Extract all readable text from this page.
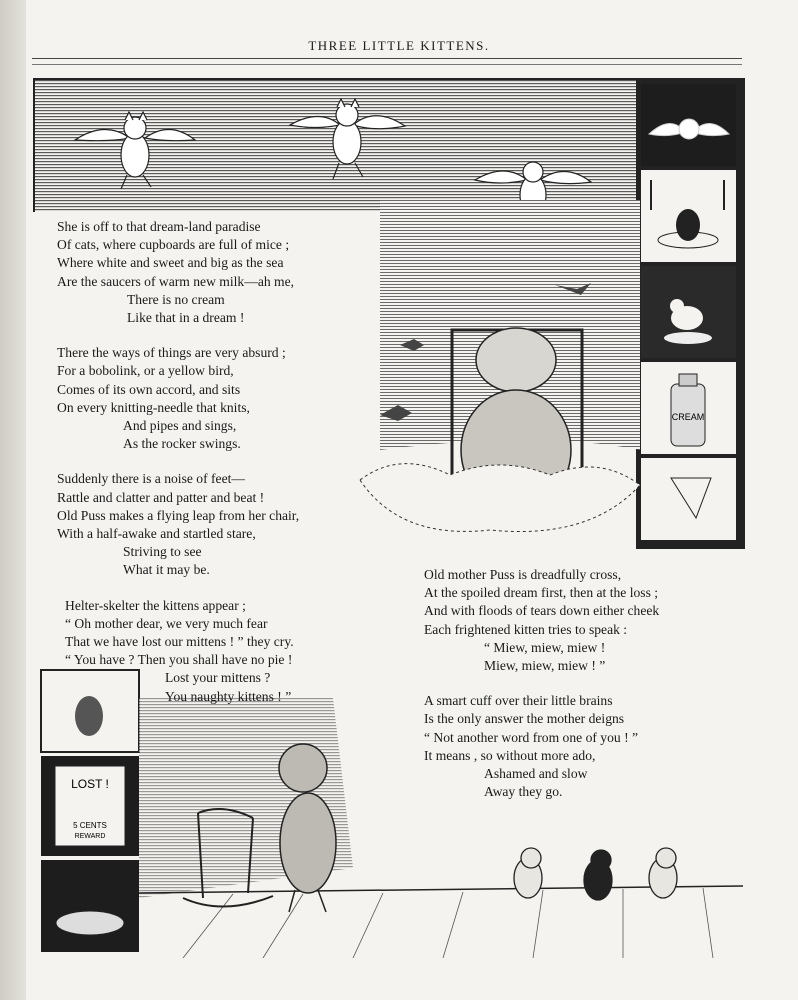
THREE LITTLE KITTENS.
CREAM
LOST !
5 CENTS
REWARD
She is off to that dream-land paradise
Of cats, where cupboards are full of mice ;
Where white and sweet and big as the sea
Are the saucers of warm new milk—ah me,
There is no cream
Like that in a dream !
There the ways of things are very absurd ;
For a bobolink, or a yellow bird,
Comes of its own accord, and sits
On every knitting-needle that knits,
And pipes and sings,
As the rocker swings.
Suddenly there is a noise of feet—
Rattle and clatter and patter and beat !
Old Puss makes a flying leap from her chair,
With a half-awake and startled stare,
Striving to see
What it may be.
Helter-skelter the kittens appear ;
“ Oh mother dear, we very much fear
That we have lost our mittens ! ” they cry.
“ You have ? Then you shall have no pie !
Lost your mittens ?
You naughty kittens ! ”
Old mother Puss is dreadfully cross,
At the spoiled dream first, then at the loss ;
And with floods of tears down either cheek
Each frightened kitten tries to speak :
“ Miew, miew, miew !
Miew, miew, miew ! ”
A smart cuff over their little brains
Is the only answer the mother deigns
“ Not another word from one of you ! ”
It means , so without more ado,
Ashamed and slow
Away they go.
